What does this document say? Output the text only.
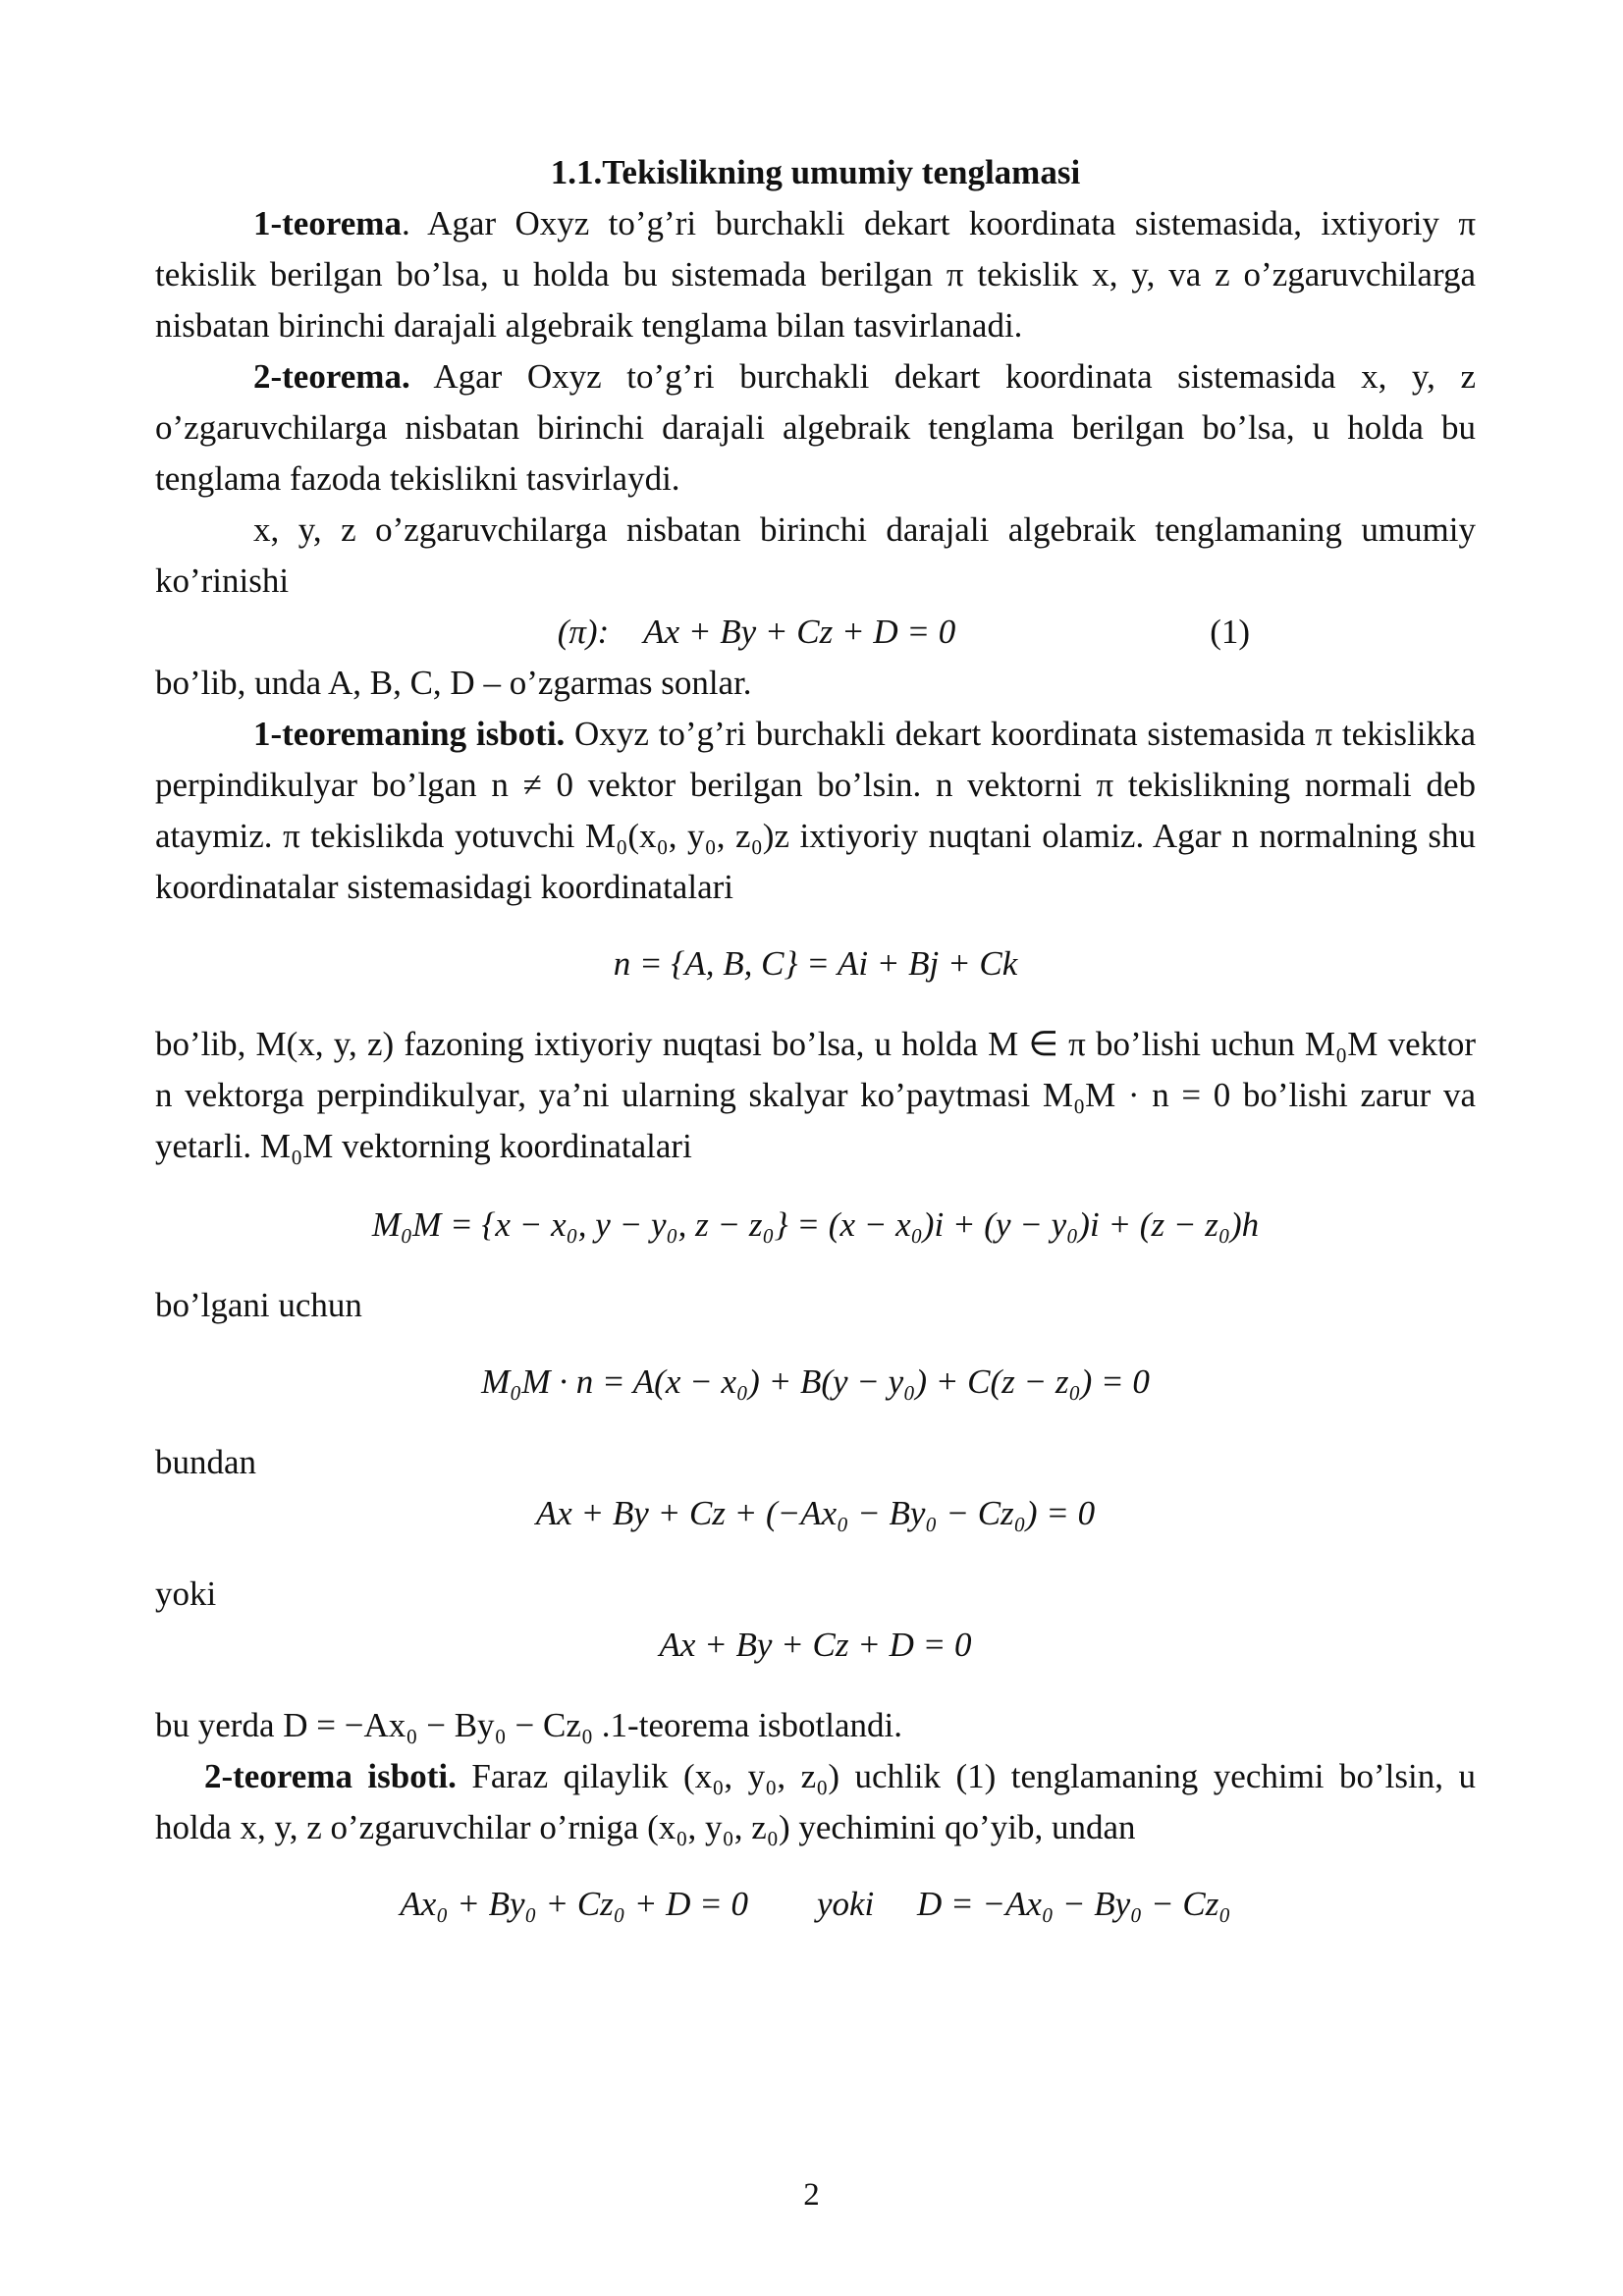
1.1.Tekislikning umumiy tenglamasi

1-teorema. Agar Oxyz to’g’ri burchakli dekart koordinata sistemasida, ixtiyoriy π tekislik berilgan bo’lsa, u holda bu sistemada berilgan π tekislik x, y, va z o’zgaruvchilarga nisbatan birinchi darajali algebraik tenglama bilan tasvirlanadi.

2-teorema. Agar Oxyz to’g’ri burchakli dekart koordinata sistemasida x, y, z o’zgaruvchilarga nisbatan birinchi darajali algebraik tenglama berilgan bo’lsa, u holda bu tenglama fazoda tekislikni tasvirlaydi.

x, y, z o’zgaruvchilarga nisbatan birinchi darajali algebraik tenglamaning umumiy ko’rinishi

(π): Ax + By + Cz + D = 0	(1)

bo’lib, unda A, B, C, D – o’zgarmas sonlar.

1-teoremaning isboti. Oxyz to’g’ri burchakli dekart koordinata sistemasida π tekislikka perpindikulyar bo’lgan n ≠ 0 vektor berilgan bo’lsin. n vektorni π tekislikning normali deb ataymiz. π tekislikda yotuvchi M₀(x₀, y₀, z₀)z ixtiyoriy nuqtani olamiz. Agar n normalning shu koordinatalar sistemasidagi koordinatalari

n = {A, B, C} = Ai + Bj + Ck

bo’lib, M(x, y, z) fazoning ixtiyoriy nuqtasi bo’lsa, u holda M ∈ π bo’lishi uchun M₀M vektor n vektorga perpindikulyar, ya’ni ularning skalyar ko’paytmasi M₀M · n = 0 bo’lishi zarur va yetarli. M₀M vektorning koordinatalari

M₀M = {x − x₀, y − y₀, z − z₀} = (x − x₀)i + (y − y₀)i + (z − z₀)h

bo’lgani uchun

M₀M · n = A(x − x₀) + B(y − y₀) + C(z − z₀) = 0

bundan

Ax + By + Cz + (−Ax₀ − By₀ − Cz₀) = 0

yoki

Ax + By + Cz + D = 0

bu yerda D = −Ax₀ − By₀ − Cz₀ .1-teorema isbotlandi.

2-teorema isboti. Faraz qilaylik (x₀, y₀, z₀) uchlik (1) tenglamaning yechimi bo’lsin, u holda x, y, z o’zgaruvchilar o’rniga (x₀, y₀, z₀) yechimini qo’yib, undan

Ax₀ + By₀ + Cz₀ + D = 0        yoki     D = −Ax₀ − By₀ − Cz₀

2
